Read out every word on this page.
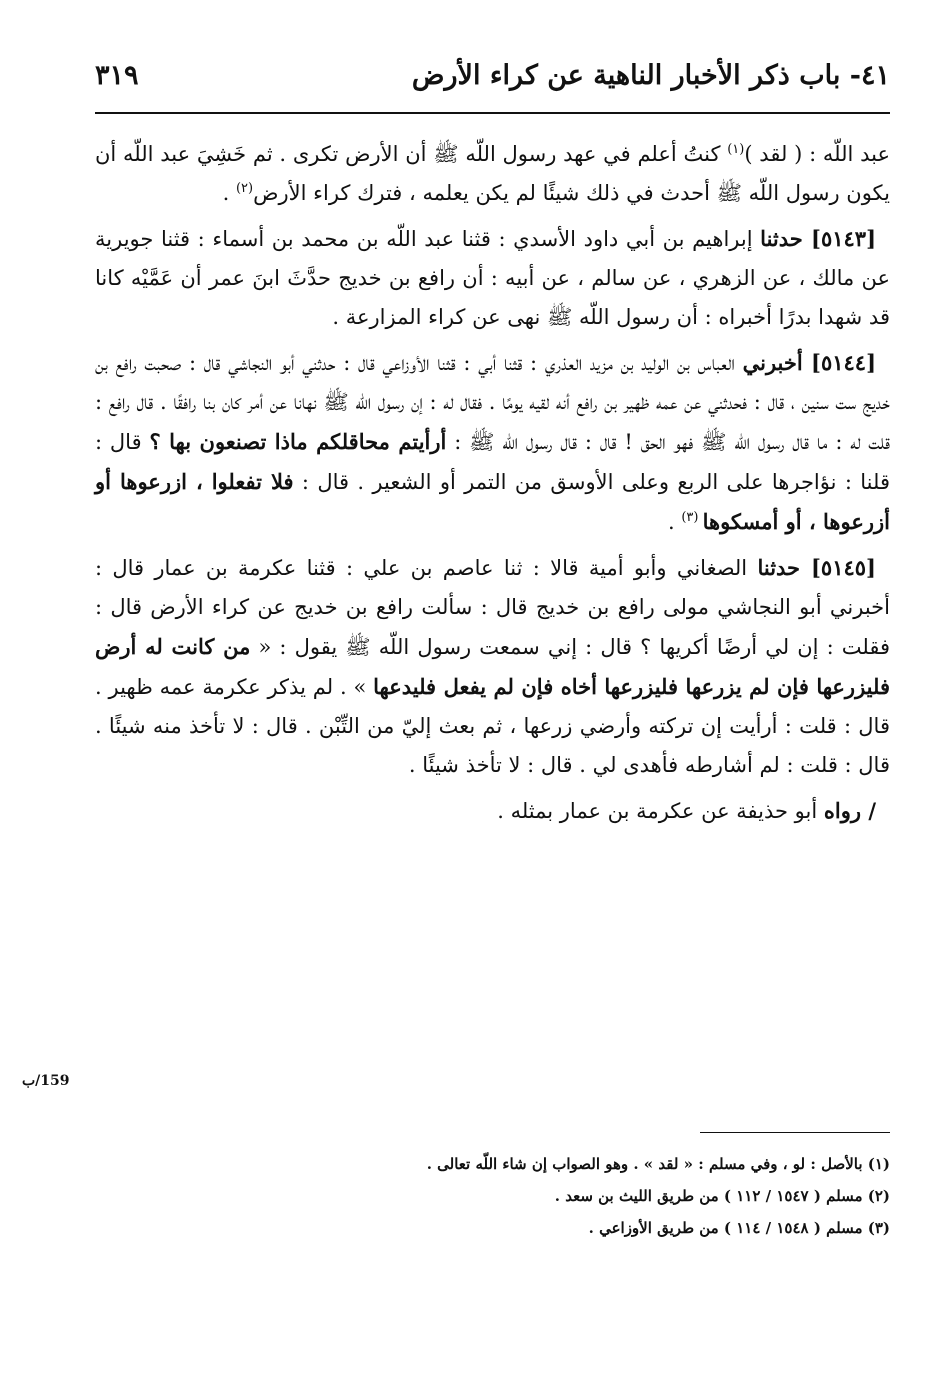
٤١- باب ذكر الأخبار الناهية عن كراء الأرض
٣١٩

عبد اللّه : ( لقد )$^{(١)}$ كنتُ أعلم في عهد رسول اللّه ﷺ أن الأرض تكرى . ثم خَشِيَ عبد اللّه أن يكون رسول اللّه ﷺ أحدث في ذلك شيئًا لم يكن يعلمه ، فترك كراء الأرض$^{(٢)}$ .

[٥١٤٣] حدثنا إبراهيم بن أبي داود الأسدي : قثنا عبد اللّه بن محمد بن أسماء : قثنا جويرية عن مالك ، عن الزهري ، عن سالم ، عن أبيه : أن رافع بن خديج حدَّثَ ابنَ عمر أن عَمَّيْه كانا قد شهدا بدرًا أخبراه : أن رسول اللّه ﷺ نهى عن كراء المزارعة .

[٥١٤٤] أخبرني العباس بن الوليد بن مزيد العذري : قثنا أبي : قثنا الأوزاعي قال : حدثني أبو النجاشي قال : صحبت رافع بن خديج ست سنين ، قال : فحدثني عن عمه ظهير بن رافع أنه لقيه يومًا . فقال له : إن رسول اللّه ﷺ نهانا عن أمر كان بنا رافقًا . قال رافع : قلت له : ما قال رسول اللّه ﷺ فهو الحق ! قال : قال رسول اللّه ﷺ : أرأيتم محاقلكم ماذا تصنعون بها ؟ قال : قلنا : نؤاجرها على الربع وعلى الأوسق من التمر أو الشعير . قال : فلا تفعلوا ، ازرعوها أو أزرعوها ، أو أمسكوها $^{(٣)}$ .

[٥١٤٥] حدثنا الصغاني وأبو أمية قالا : ثنا عاصم بن علي : قثنا عكرمة بن عمار قال : أخبرني أبو النجاشي مولى رافع بن خديج قال : سألت رافع بن خديج عن كراء الأرض قال : فقلت : إن لي أرضًا أكريها ؟ قال : إني سمعت رسول اللّه ﷺ يقول : « من كانت له أرض فليزرعها فإن لم يزرعها فليزرعها أخاه فإن لم يفعل فليدعها » . لم يذكر عكرمة عمه ظهير . قال : قلت : أرأيت إن تركته وأرضي زرعها ، ثم بعث إليّ من التِّبْن . قال : لا تأخذ منه شيئًا . قال : قلت : لم أشارطه فأهدى لي . قال : لا تأخذ شيئًا .

/ رواه أبو حذيفة عن عكرمة بن عمار بمثله .

159/ب
(١) بالأصل : لو ، وفي مسلم : « لقد » . وهو الصواب إن شاء اللّه تعالى .
(٢) مسلم ( ١٥٤٧ / ١١٢ ) من طريق الليث بن سعد .
(٣) مسلم ( ١٥٤٨ / ١١٤ ) من طريق الأوزاعي .
